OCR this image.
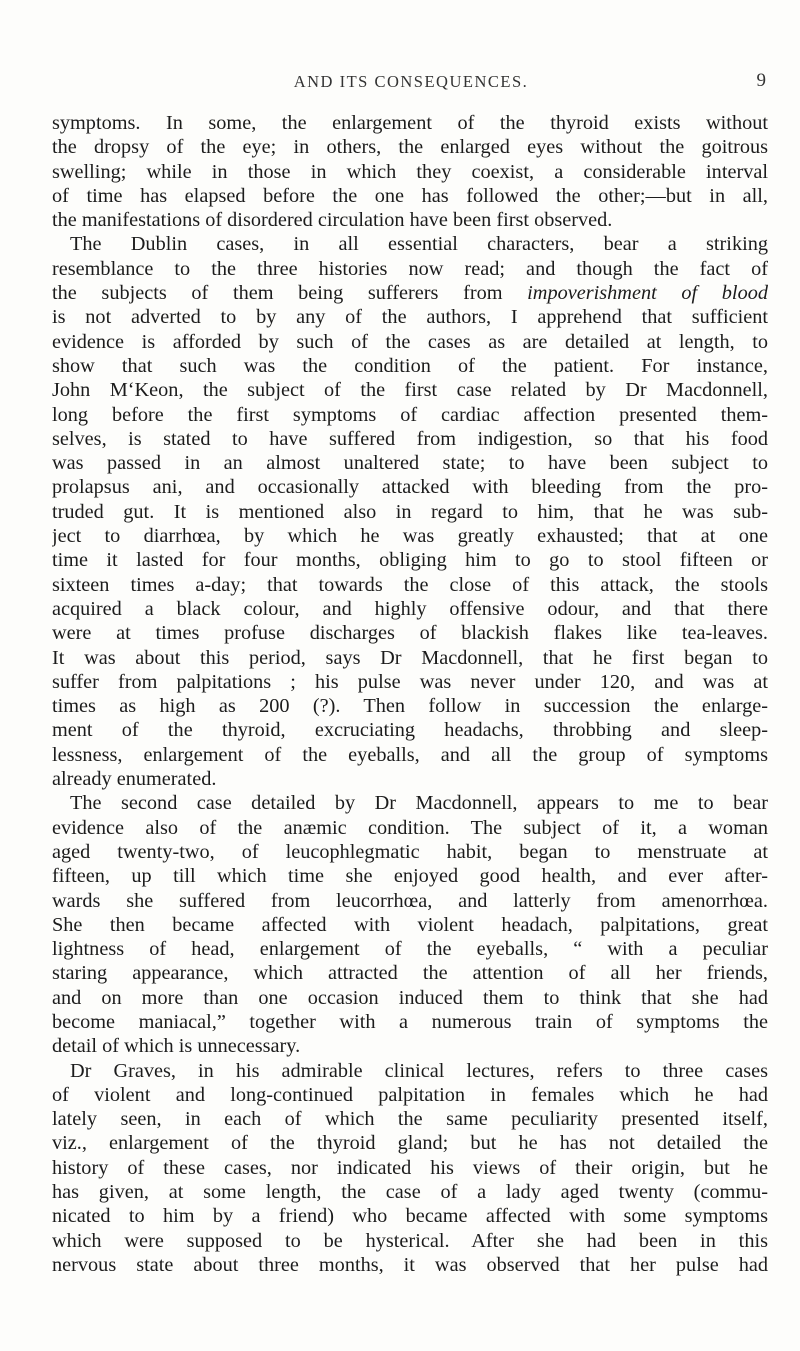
AND ITS CONSEQUENCES.	9
symptoms. In some, the enlargement of the thyroid exists without
the dropsy of the eye; in others, the enlarged eyes without the goitrous
swelling; while in those in which they coexist, a considerable interval
of time has elapsed before the one has followed the other;—but in all,
the manifestations of disordered circulation have been first observed.
The Dublin cases, in all essential characters, bear a striking
resemblance to the three histories now read; and though the fact of
the subjects of them being sufferers from impoverishment of blood
is not adverted to by any of the authors, I apprehend that sufficient
evidence is afforded by such of the cases as are detailed at length, to
show that such was the condition of the patient. For instance,
John M‘Keon, the subject of the first case related by Dr Macdonnell,
long before the first symptoms of cardiac affection presented them-
selves, is stated to have suffered from indigestion, so that his food
was passed in an almost unaltered state; to have been subject to
prolapsus ani, and occasionally attacked with bleeding from the pro-
truded gut. It is mentioned also in regard to him, that he was sub-
ject to diarrhœa, by which he was greatly exhausted; that at one
time it lasted for four months, obliging him to go to stool fifteen or
sixteen times a-day; that towards the close of this attack, the stools
acquired a black colour, and highly offensive odour, and that there
were at times profuse discharges of blackish flakes like tea-leaves.
It was about this period, says Dr Macdonnell, that he first began to
suffer from palpitations ; his pulse was never under 120, and was at
times as high as 200 (?). Then follow in succession the enlarge-
ment of the thyroid, excruciating headachs, throbbing and sleep-
lessness, enlargement of the eyeballs, and all the group of symptoms
already enumerated.
The second case detailed by Dr Macdonnell, appears to me to bear
evidence also of the anæmic condition. The subject of it, a woman
aged twenty-two, of leucophlegmatic habit, began to menstruate at
fifteen, up till which time she enjoyed good health, and ever after-
wards she suffered from leucorrhœa, and latterly from amenorrhœa.
She then became affected with violent headach, palpitations, great
lightness of head, enlargement of the eyeballs, “ with a peculiar
staring appearance, which attracted the attention of all her friends,
and on more than one occasion induced them to think that she had
become maniacal,” together with a numerous train of symptoms the
detail of which is unnecessary.
Dr Graves, in his admirable clinical lectures, refers to three cases
of violent and long-continued palpitation in females which he had
lately seen, in each of which the same peculiarity presented itself,
viz., enlargement of the thyroid gland; but he has not detailed the
history of these cases, nor indicated his views of their origin, but he
has given, at some length, the case of a lady aged twenty (commu-
nicated to him by a friend) who became affected with some symptoms
which were supposed to be hysterical. After she had been in this
nervous state about three months, it was observed that her pulse had
